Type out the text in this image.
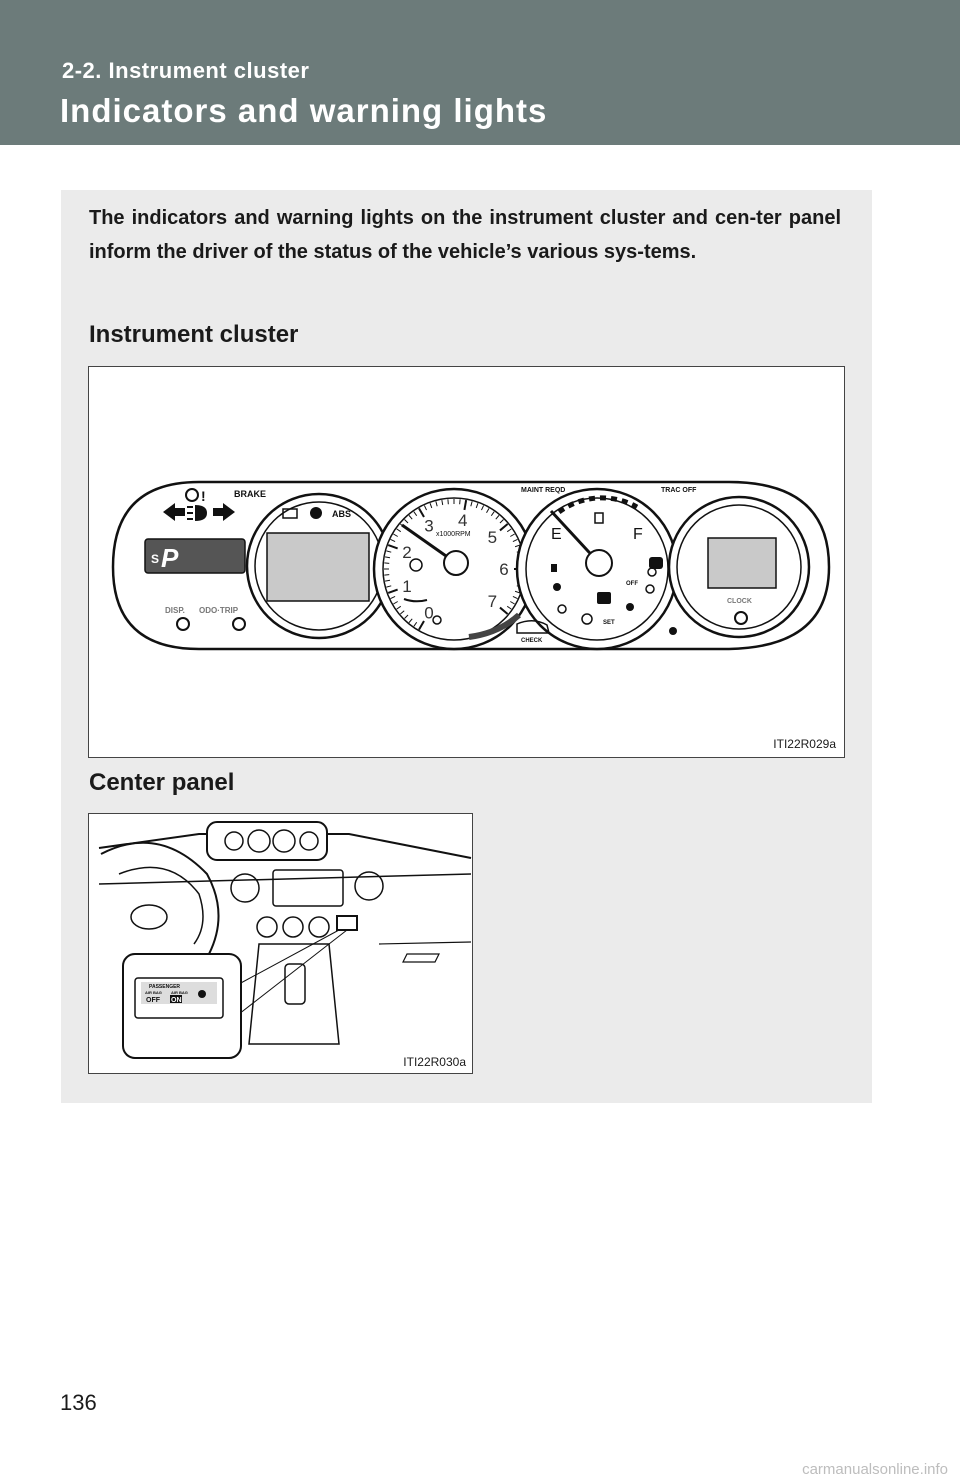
2-2. Instrument cluster
Indicators and warning lights
The indicators and warning lights on the instrument cluster and cen-ter panel inform the driver of the status of the vehicle’s various sys-tems.
Instrument cluster
S P
!	BRAKE
DISP. ODO·TRIP
ABS
0
1
2
3 4
5
6
7
x1000RPM	E	F
MAINT REQD	TRAC OFF
CHECK
SET
OFF
CLOCK
ITI22R029a
Center panel
PASSENGER
AIR BAG AIR BAG
OFF ON
ITI22R030a
136
carmanualsonline.info
